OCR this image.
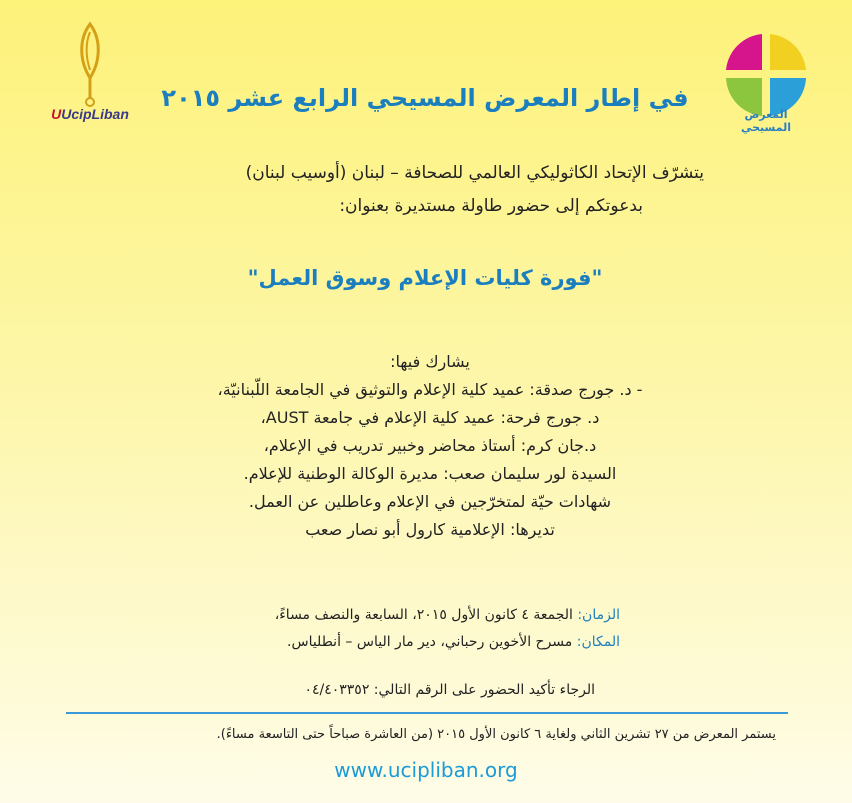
UUcipLiban	المعرض المسيحي
في إطار المعرض المسيحي الرابع عشر ٢٠١٥
يتشرّف الإتحاد الكاثوليكي العالمي للصحافة – لبنان (أوسيب لبنان)
بدعوتكم إلى حضور طاولة مستديرة بعنوان:
"فورة كليات الإعلام وسوق العمل"
يشارك فيها:
- د. جورج صدقة: عميد كلية الإعلام والتوثيق في الجامعة اللّبنانيّة،
د. جورج فرحة: عميد كلية الإعلام في جامعة AUST،
د.جان كرم: أستاذ محاضر وخبير تدريب في الإعلام،
السيدة لور سليمان صعب: مديرة الوكالة الوطنية للإعلام.
شهادات حيّة لمتخرّجين في الإعلام وعاطلين عن العمل.
تديرها: الإعلامية كارول أبو نصار صعب
الزمان: الجمعة ٤ كانون الأول ٢٠١٥، السابعة والنصف مساءً،
المكان: مسرح الأخوين رحباني، دير مار الياس – أنطلياس.
الرجاء تأكيد الحضور على الرقم التالي: ٠٤/٤٠٣٣٥٢
يستمر المعرض من ٢٧ تشرين الثاني ولغاية ٦ كانون الأول ٢٠١٥ (من العاشرة صباحاً حتى التاسعة مساءً).
www.ucipliban.org
